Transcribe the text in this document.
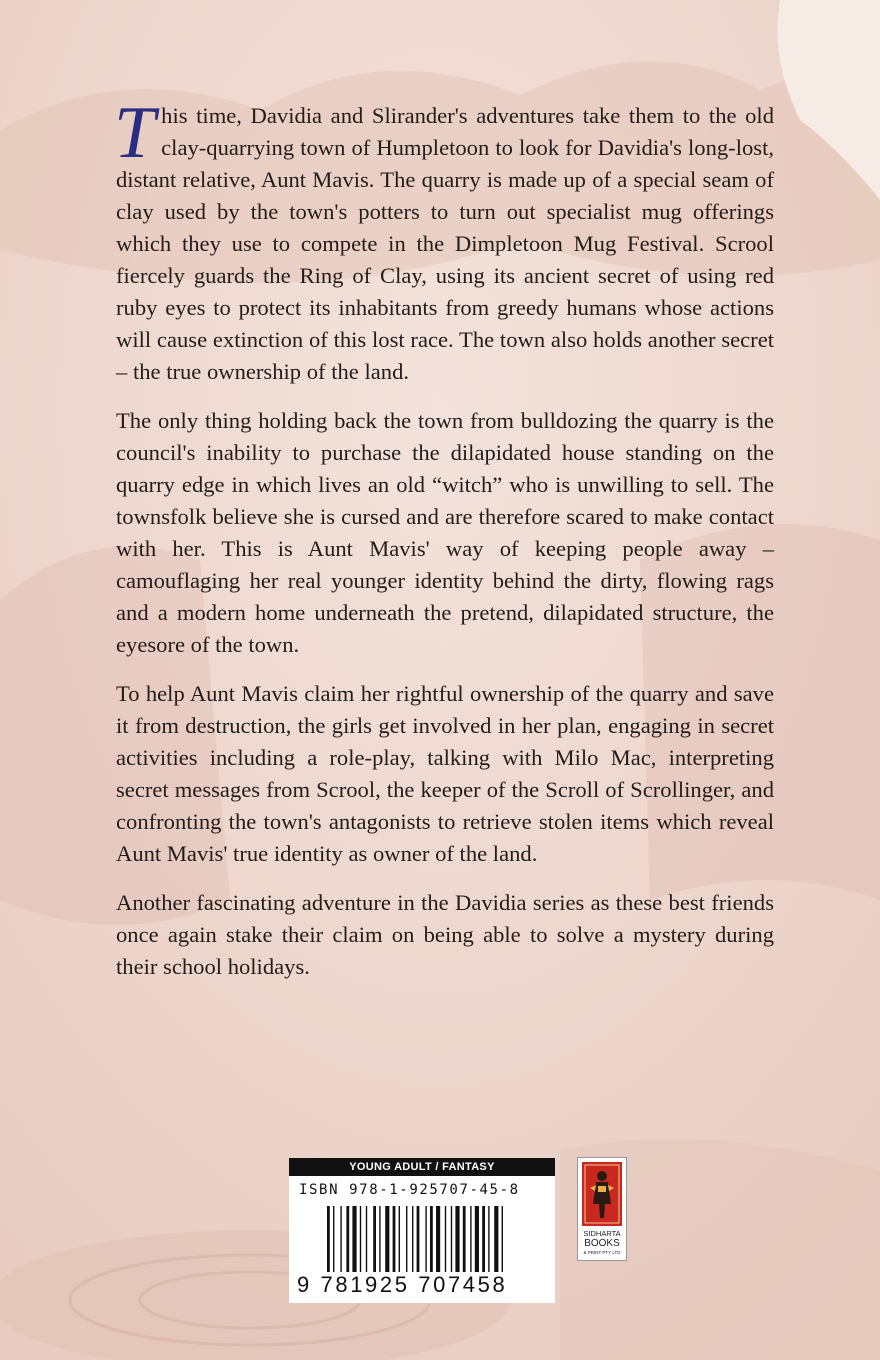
This time, Davidia and Slirander's adventures take them to the old clay-quarrying town of Humpletoon to look for Davidia's long-lost, distant relative, Aunt Mavis. The quarry is made up of a special seam of clay used by the town's potters to turn out specialist mug offerings which they use to compete in the Dimpletoon Mug Festival. Scrool fiercely guards the Ring of Clay, using its ancient secret of using red ruby eyes to protect its inhabitants from greedy humans whose actions will cause extinction of this lost race. The town also holds another secret – the true ownership of the land.

The only thing holding back the town from bulldozing the quarry is the council's inability to purchase the dilapidated house standing on the quarry edge in which lives an old “witch” who is unwilling to sell. The townsfolk believe she is cursed and are therefore scared to make contact with her. This is Aunt Mavis' way of keeping people away – camouflaging her real younger identity behind the dirty, flowing rags and a modern home underneath the pretend, dilapidated structure, the eyesore of the town.

To help Aunt Mavis claim her rightful ownership of the quarry and save it from destruction, the girls get involved in her plan, engaging in secret activities including a role-play, talking with Milo Mac, interpreting secret messages from Scrool, the keeper of the Scroll of Scrollinger, and confronting the town's antagonists to retrieve stolen items which reveal Aunt Mavis' true identity as owner of the land.

Another fascinating adventure in the Davidia series as these best friends once again stake their claim on being able to solve a mystery during their school holidays.

YOUNG ADULT / FANTASY
ISBN 978-1-925707-45-8
9 781925 707458
SIDHARTA
BOOKS
& PRINT PTY LTD
